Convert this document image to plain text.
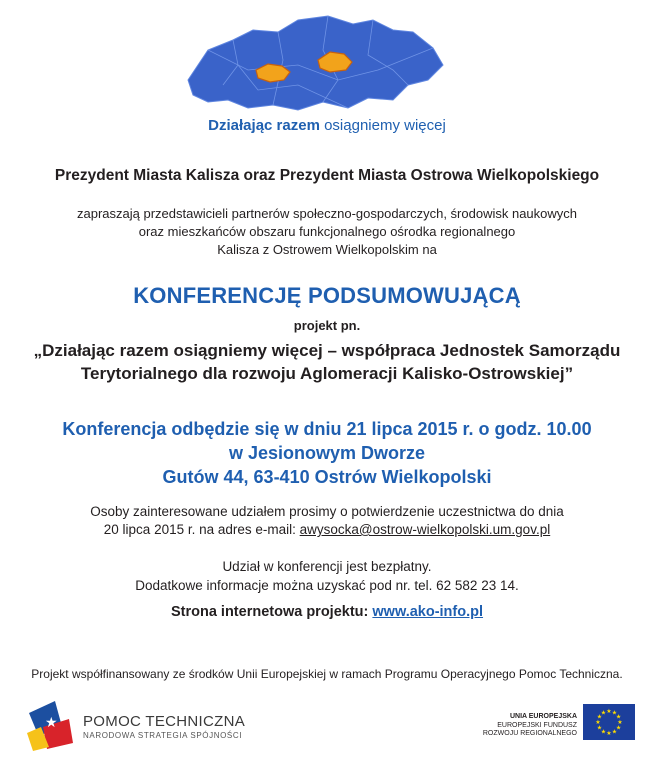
Działając razem osiągniemy więcej
Prezydent Miasta Kalisza oraz Prezydent Miasta Ostrowa Wielkopolskiego
zapraszają przedstawicieli partnerów społeczno-gospodarczych, środowisk naukowych
oraz mieszkańców obszaru funkcjonalnego ośrodka regionalnego
Kalisza z Ostrowem Wielkopolskim na
KONFERENCJĘ PODSUMOWUJĄCĄ
projekt pn.
„Działając razem osiągniemy więcej – współpraca Jednostek Samorządu
Terytorialnego dla rozwoju Aglomeracji Kalisko-Ostrowskiej”
Konferencja odbędzie się w dniu 21 lipca 2015 r. o godz. 10.00
w Jesionowym Dworze
Gutów 44, 63-410 Ostrów Wielkopolski
Osoby zainteresowane udziałem prosimy o potwierdzenie uczestnictwa do dnia
20 lipca 2015 r. na adres e-mail: awysocka@ostrow-wielkopolski.um.gov.pl
Udział w konferencji jest bezpłatny.
Dodatkowe informacje można uzyskać pod nr. tel. 62 582 23 14.
Strona internetowa projektu: www.ako-info.pl
Projekt współfinansowany ze środków Unii Europejskiej w ramach Programu Operacyjnego Pomoc Techniczna.
★ POMOC TECHNICZNA
NARODOWA STRATEGIA SPÓJNOŚCI
UNIA EUROPEJSKA
EUROPEJSKI FUNDUSZ
ROZWOJU REGIONALNEGO
★
★
★
★
★
★
★
★
★ ★ ★
★
